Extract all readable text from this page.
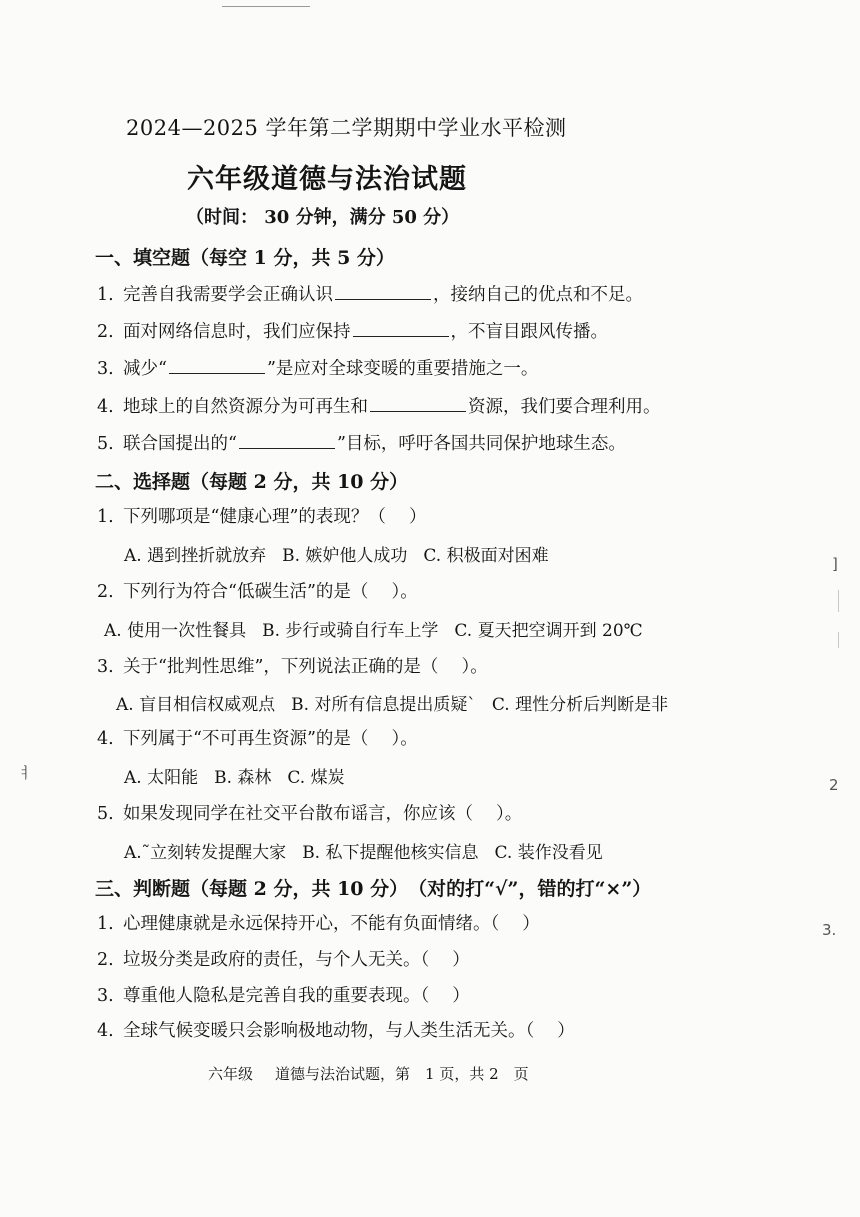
2024—2025 学年第二学期期中学业水平检测
六年级道德与法治试题
（时间： 30 分钟，满分 50 分）
一、填空题（每空 1 分，共 5 分）
1. 完善自我需要学会正确认识	，接纳自己的优点和不足。
2. 面对网络信息时，我们应保持	，不盲目跟风传播。
3. 减少“	”是应对全球变暖的重要措施之一。
4. 地球上的自然资源分为可再生和	资源，我们要合理利用。
5. 联合国提出的“	”目标，呼吁各国共同保护地球生态。
二、选择题（每题 2 分，共 10 分）
1. 下列哪项是“健康心理”的表现？（　 ）
A. 遇到挫折就放弃 B. 嫉妒他人成功 C. 积极面对困难
2. 下列行为符合“低碳生活”的是（　 ）。
A. 使用一次性餐具 B. 步行或骑自行车上学 C. 夏天把空调开到 20℃
3. 关于“批判性思维”，下列说法正确的是（　 ）。
A. 盲目相信权威观点 B. 对所有信息提出质疑` C. 理性分析后判断是非
4. 下列属于“不可再生资源”的是（　 ）。
A. 太阳能 B. 森林 C. 煤炭
5. 如果发现同学在社交平台散布谣言，你应该（　 ）。
A.˜立刻转发提醒大家 B. 私下提醒他核实信息 C. 装作没看见
三、判断题（每题 2 分，共 10 分）　（对的打“√”，错的打“×”）
1. 心理健康就是永远保持开心，不能有负面情绪。（　 ）
2. 垃圾分类是政府的责任，与个人无关。（　 ）
3. 尊重他人隐私是完善自我的重要表现。（　 ）
4. 全球气候变暖只会影响极地动物，与人类生活无关。（　 ）
六年级 道德与法治试题，第　1 页，共 2　页
2
3.
ㅕ
]
